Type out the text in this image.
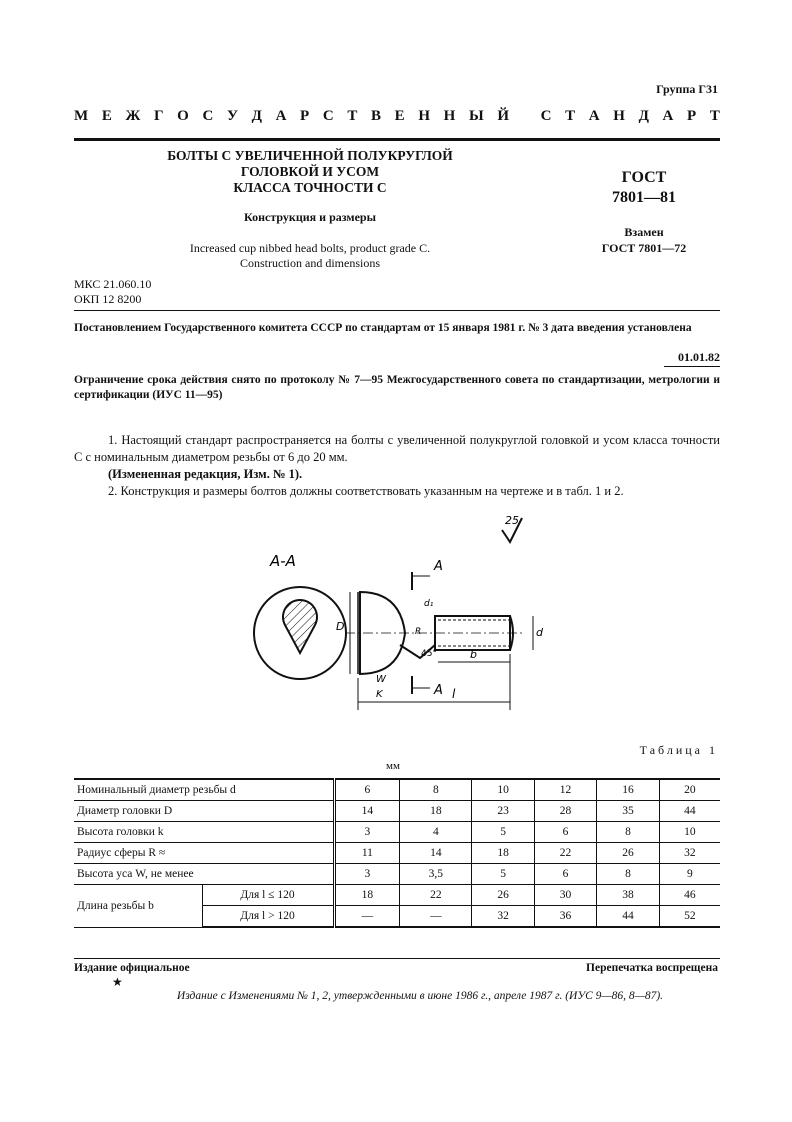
Группа Г31
М Е Ж Г О С У Д А Р С Т В Е Н Н Ы Й С Т А Н Д А Р Т
БОЛТЫ С УВЕЛИЧЕННОЙ ПОЛУКРУГЛОЙ
ГОЛОВКОЙ И УСОМ
КЛАССА ТОЧНОСТИ С
Конструкция и размеры
Increased cup nibbed head bolts, product grade C.
Construction and dimensions
ГОСТ
7801—81
Взамен
ГОСТ 7801—72
МКС 21.060.10
ОКП 12 8200
Постановлением Государственного комитета СССР по стандартам от 15 января 1981 г. № 3 дата введения установлена
01.01.82
Ограничение срока действия снято по протоколу № 7—95 Межгосударственного совета по стандартизации, метрологии и сертификации (ИУС 11—95)
1. Настоящий стандарт распространяется на болты с увеличенной полукруглой головкой и усом класса точности С с номинальным диаметром резьбы от 6 до 20 мм.
(Измененная редакция, Изм. № 1).
2. Конструкция и размеры болтов должны соответствовать указанным на чертеже и в табл. 1 и 2.
25
А-А
D	d
d₁
R
45°	b
l
W
K
А
А
Таблица 1
мм
Номинальный диаметр резьбы d		6	8	10	12	16	20
Диаметр головки D		14	18	23	28	35	44
Высота головки k		3	4	5	6	8	10
Радиус сферы R ≈		11	14	18	22	26	32
Высота уса W, не менее		3	3,5	5	6	8	9
Длина резьбы b	Для l ≤ 120	18	22	26	30	38	46
	Для l > 120	—	—	32	36	44	52
Издание официальное	Перепечатка воспрещена
★
Издание с Изменениями № 1, 2, утвержденными в июне 1986 г., апреле 1987 г. (ИУС 9—86, 8—87).
